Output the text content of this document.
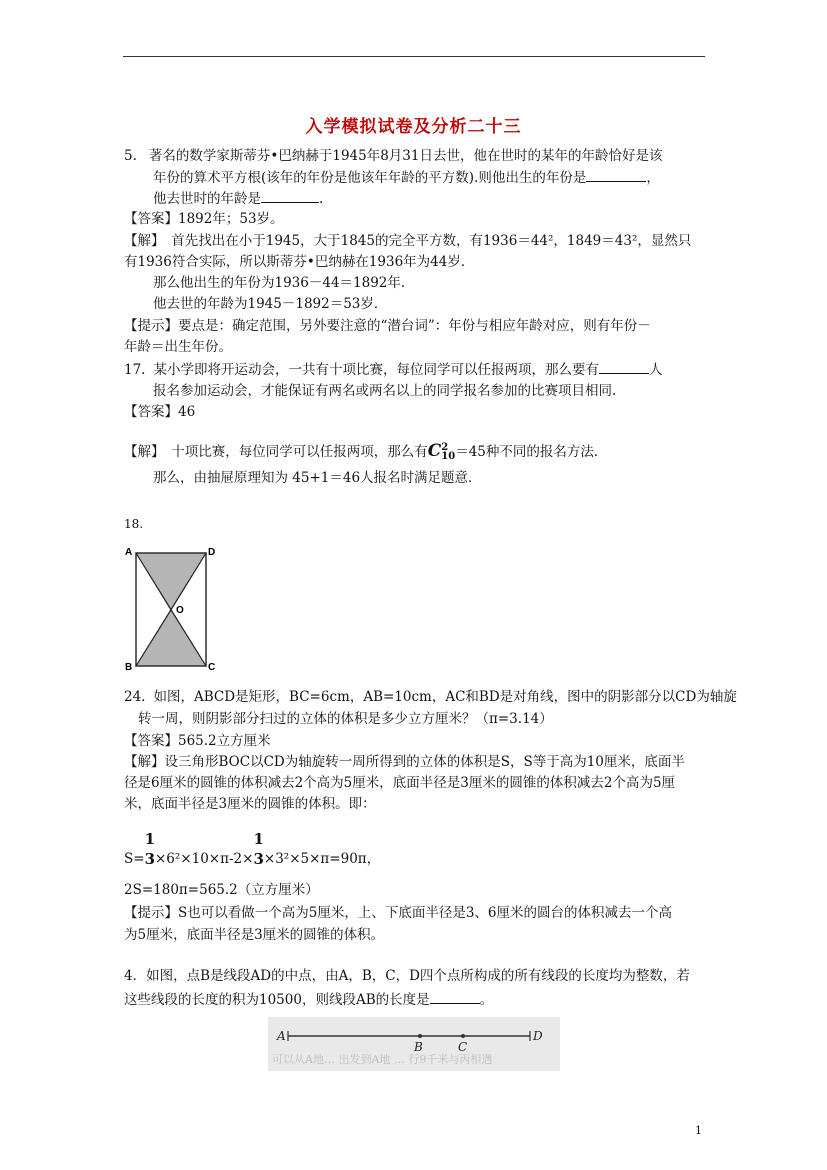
入学模拟试卷及分析二十三
5. 著名的数学家斯蒂芬•巴纳赫于1945年8月31日去世，他在世时的某年的年龄恰好是该
年份的算术平方根(该年的年份是他该年年龄的平方数).则他出生的年份是	，
他去世时的年龄是	.
【答案】1892年；53岁。
【解】　首先找出在小于1945，大于1845的完全平方数，有1936＝44²，1849＝43²，显然只
有1936符合实际，所以斯蒂芬•巴纳赫在1936年为44岁．
那么他出生的年份为1936－44＝1892年．
他去世的年龄为1945－1892＝53岁．
【提示】要点是：确定范围，另外要注意的“潜台词”：年份与相应年龄对应，则有年份－
年龄＝出生年份。
17. 某小学即将开运动会，一共有十项比赛，每位同学可以任报两项，那么要有	人
报名参加运动会，才能保证有两名或两名以上的同学报名参加的比赛项目相同.
【答案】46
【解】　十项比赛，每位同学可以任报两项，那么有C 2
10 ＝45种不同的报名方法．
那么，由抽屉原理知为 45+1＝46人报名时满足题意．
18.
A	D
O
B	C
24. 如图，ABCD是矩形，BC=6cm，AB=10cm，AC和BD是对角线，图中的阴影部分以CD为轴旋
转一周，则阴影部分扫过的立体的体积是多少立方厘米？（π=3.14）
【答案】565.2立方厘米
【解】设三角形BOC以CD为轴旋转一周所得到的立体的体积是S，S等于高为10厘米，底面半
径是6厘米的圆锥的体积减去2个高为5厘米，底面半径是3厘米的圆锥的体积减去2个高为5厘
米，底面半径是3厘米的圆锥的体积。即：
S=
1
3 ×6²×10×π-2×
1
3 ×3²×5×π=90π，
2S=180π=565.2（立方厘米）
【提示】S也可以看做一个高为5厘米，上、下底面半径是3、6厘米的圆台的体积减去一个高
为5厘米，底面半径是3厘米的圆锥的体积。
4．如图，点B是线段AD的中点，由A，B，C，D四个点所构成的所有线段的长度均为整数，若
这些线段的长度的积为10500，则线段AB的长度是	。
可以从A地… 出发到A地 … 行9千米与丙相遇
A
B	C
D
1
